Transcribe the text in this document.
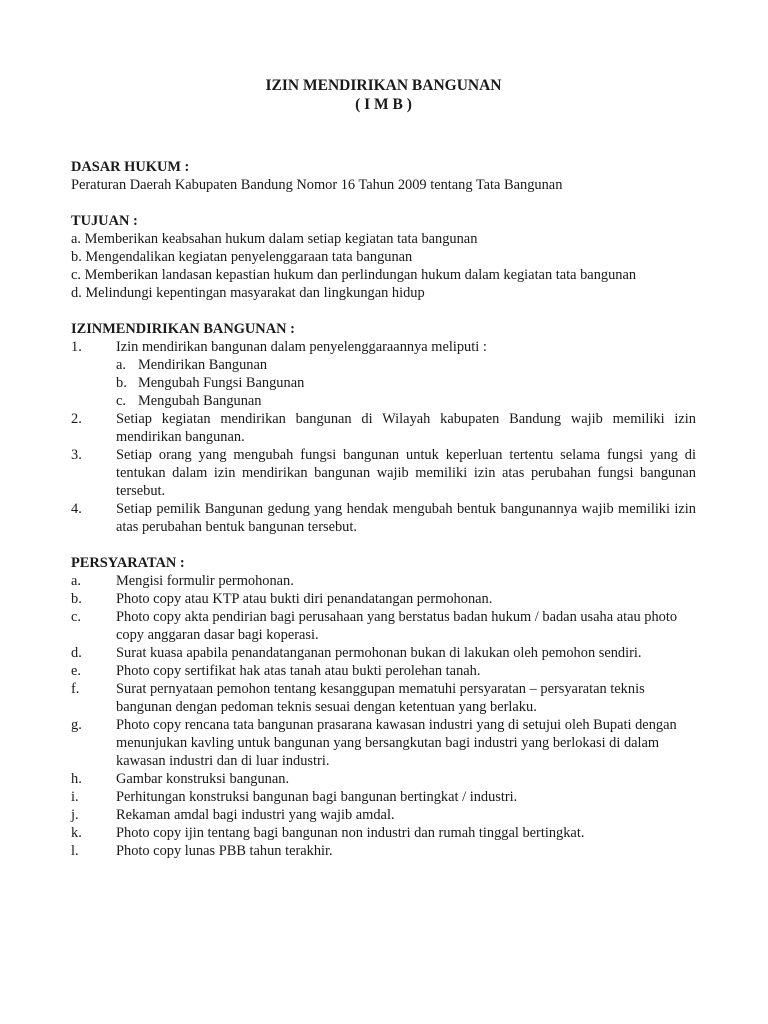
IZIN MENDIRIKAN BANGUNAN

( I M B )

DASAR HUKUM :

Peraturan Daerah Kabupaten Bandung Nomor 16 Tahun 2009 tentang Tata Bangunan

TUJUAN :

a. Memberikan keabsahan hukum dalam setiap kegiatan tata bangunan

b. Mengendalikan kegiatan penyelenggaraan tata bangunan

c. Memberikan landasan kepastian hukum dan perlindungan hukum dalam kegiatan tata bangunan

d. Melindungi kepentingan masyarakat dan lingkungan hidup

IZINMENDIRIKAN BANGUNAN :

1.	Izin mendirikan bangunan dalam penyelenggaraannya meliputi :
a. Mendirikan Bangunan
b. Mengubah Fungsi Bangunan
c. Mengubah Bangunan
2.	Setiap kegiatan mendirikan bangunan di Wilayah kabupaten Bandung wajib memiliki izin mendirikan bangunan.
3.	Setiap orang yang mengubah fungsi bangunan untuk keperluan tertentu selama fungsi yang di tentukan dalam izin mendirikan bangunan wajib memiliki izin atas perubahan fungsi bangunan tersebut.
4.	Setiap pemilik Bangunan gedung yang hendak mengubah bentuk bangunannya wajib memiliki izin atas perubahan bentuk bangunan tersebut.

PERSYARATAN :

a.	Mengisi formulir permohonan.
b.	Photo copy atau KTP atau bukti diri penandatangan permohonan.
c.	Photo copy akta pendirian bagi perusahaan yang berstatus badan hukum / badan usaha atau photo copy anggaran dasar bagi koperasi.
d.	Surat kuasa apabila penandatanganan permohonan bukan di lakukan oleh pemohon sendiri.
e.	Photo copy sertifikat hak atas tanah atau bukti perolehan tanah.
f.	Surat pernyataan pemohon tentang kesanggupan mematuhi persyaratan – persyaratan teknis bangunan dengan pedoman teknis sesuai dengan ketentuan yang berlaku.
g.	Photo copy rencana tata bangunan prasarana kawasan industri yang di setujui oleh Bupati dengan menunjukan kavling untuk bangunan yang bersangkutan bagi industri yang berlokasi di dalam kawasan industri dan di luar industri.
h.	Gambar konstruksi bangunan.
i.	Perhitungan konstruksi bangunan bagi bangunan bertingkat / industri.
j.	Rekaman amdal bagi industri yang wajib amdal.
k.	Photo copy ijin tentang bagi bangunan non industri dan rumah tinggal bertingkat.
l.	Photo copy lunas PBB tahun terakhir.
